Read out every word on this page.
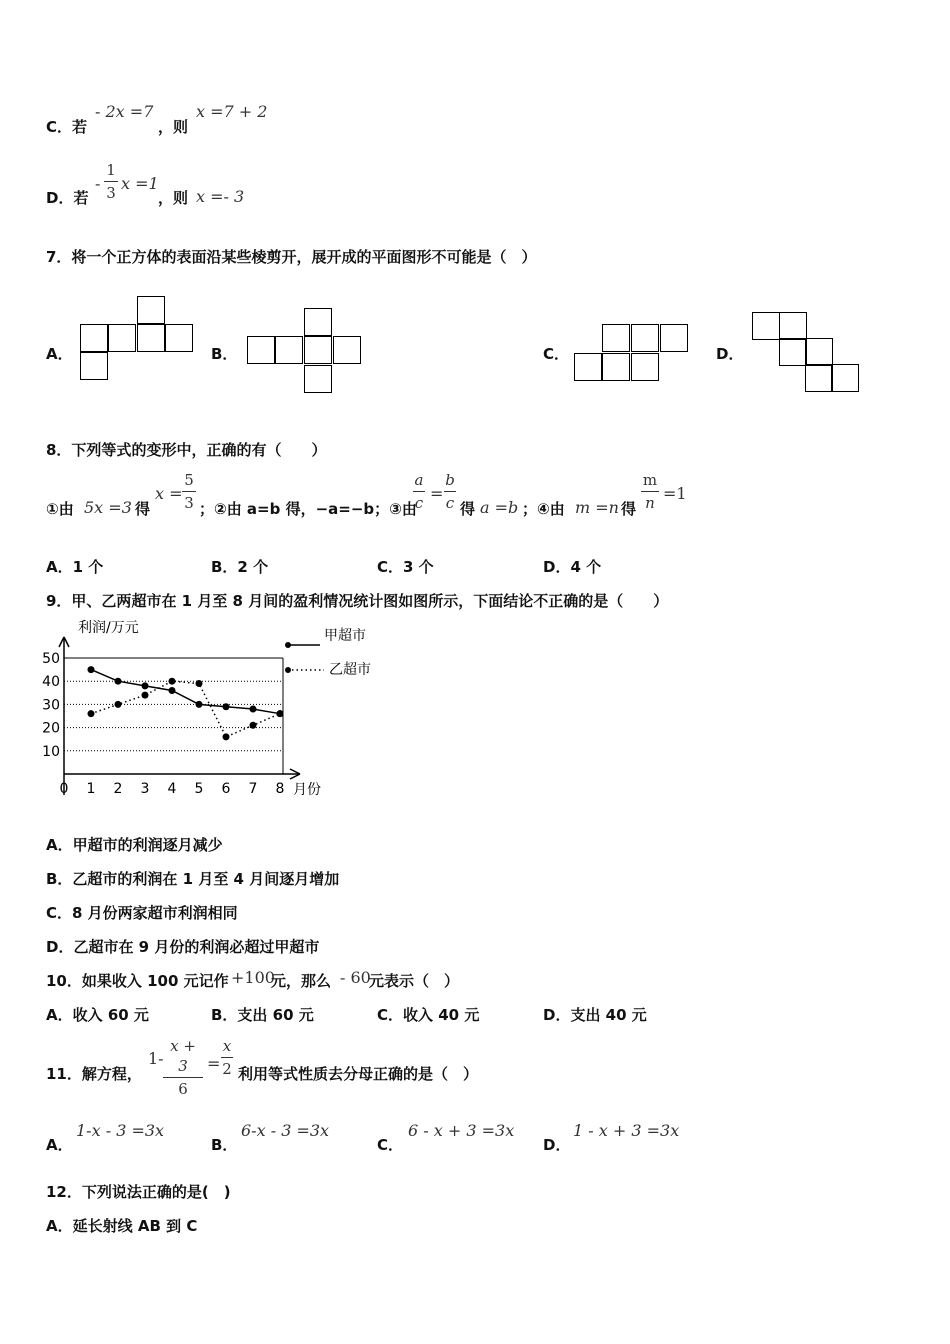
C．若
- 2x =7
，则
x =7 + 2
D．若
-
1
3 x =1
，则 x =- 3
7．将一个正方体的表面沿某些棱剪开，展开成的平面图形不可能是（　）
A．	B．	C．	D．
8．下列等式的变形中，正确的有（　　）
①由 5x =3 得
x =
5
3 ；②由 a=b 得，−a=−b；③由
a
c =
b
c 得 a =b ；④由 m =n 得
m
n =1
A．1 个	B．2 个	C．3 个	D．4 个
9．甲、乙两超市在 1 月至 8 月间的盈利情况统计图如图所示，下面结论不正确的是（　　）
利润/万元
月份
10
20
30
40
50
0 1 2 3 4 5 6 7 8
甲超市
乙超市
A．甲超市的利润逐月减少
B．乙超市的利润在 1 月至 4 月间逐月增加
C．8 月份两家超市利润相同
D．乙超市在 9 月份的利润必超过甲超市
10．如果收入 100 元记作 +100
元，那么 - 60
元表示（　）
A．收入 60 元	B．支出 60 元	C．收入 40 元	D．支出 40 元
11．解方程，
1-
x + 3
6
=
x
2 利用等式性质去分母正确的是（　）
A．
1-x - 3 =3x
B．
6-x - 3 =3x
C．
6 - x + 3 =3x
D．
1 - x + 3 =3x
12．下列说法正确的是(　)
A．延长射线 AB 到 C
